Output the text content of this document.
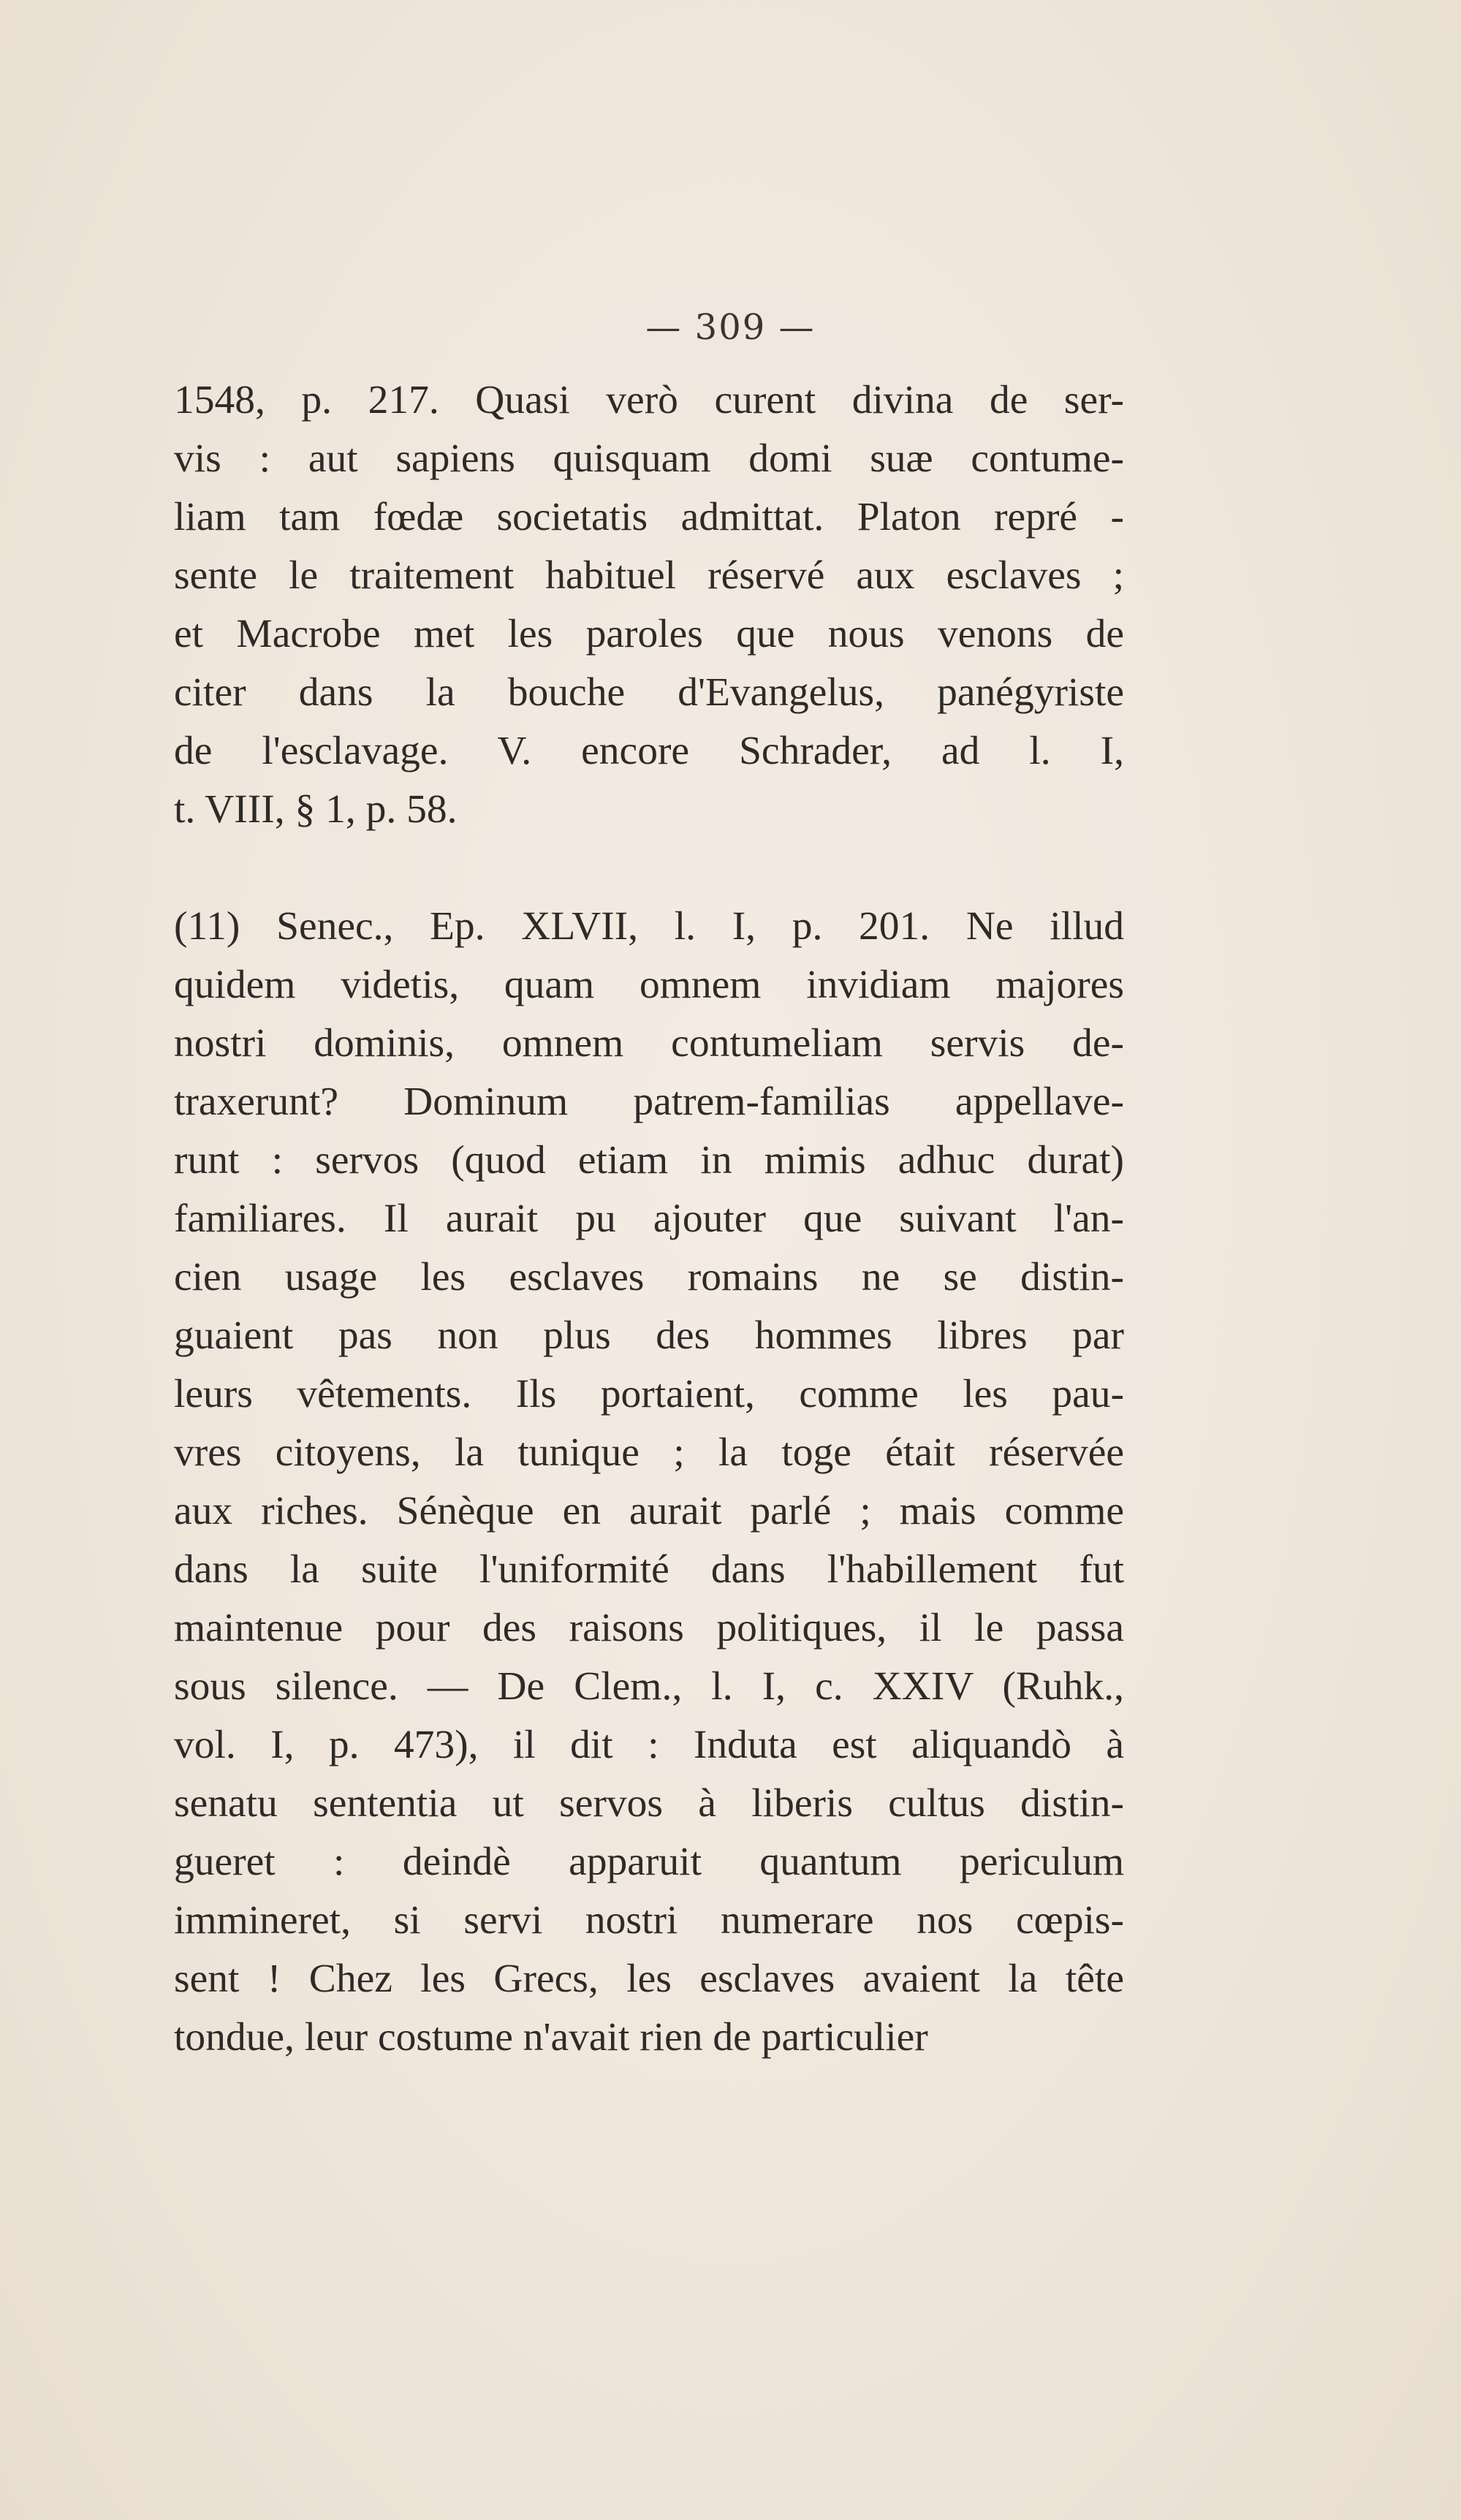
— 309 —
1548, p. 217. Quasi verò curent divina de ser-
vis : aut sapiens quisquam domi suæ contume-
liam tam fœdæ societatis admittat. Platon repré -
sente le traitement habituel réservé aux esclaves ;
et Macrobe met les paroles que nous venons de
citer dans la bouche d'Evangelus, panégyriste
de l'esclavage. V. encore Schrader, ad l. I,
t. VIII, § 1, p. 58.
(11) Senec., Ep. XLVII, l. I, p. 201. Ne illud
quidem videtis, quam omnem invidiam majores
nostri dominis, omnem contumeliam servis de-
traxerunt? Dominum patrem-familias appellave-
runt : servos (quod etiam in mimis adhuc durat)
familiares. Il aurait pu ajouter que suivant l'an-
cien usage les esclaves romains ne se distin-
guaient pas non plus des hommes libres par
leurs vêtements. Ils portaient, comme les pau-
vres citoyens, la tunique ; la toge était réservée
aux riches. Sénèque en aurait parlé ; mais comme
dans la suite l'uniformité dans l'habillement fut
maintenue pour des raisons politiques, il le passa
sous silence. — De Clem., l. I, c. XXIV (Ruhk.,
vol. I, p. 473), il dit : Induta est aliquandò à
senatu sententia ut servos à liberis cultus distin-
gueret : deindè apparuit quantum periculum
immineret, si servi nostri numerare nos cœpis-
sent ! Chez les Grecs, les esclaves avaient la tête
tondue, leur costume n'avait rien de particulier
